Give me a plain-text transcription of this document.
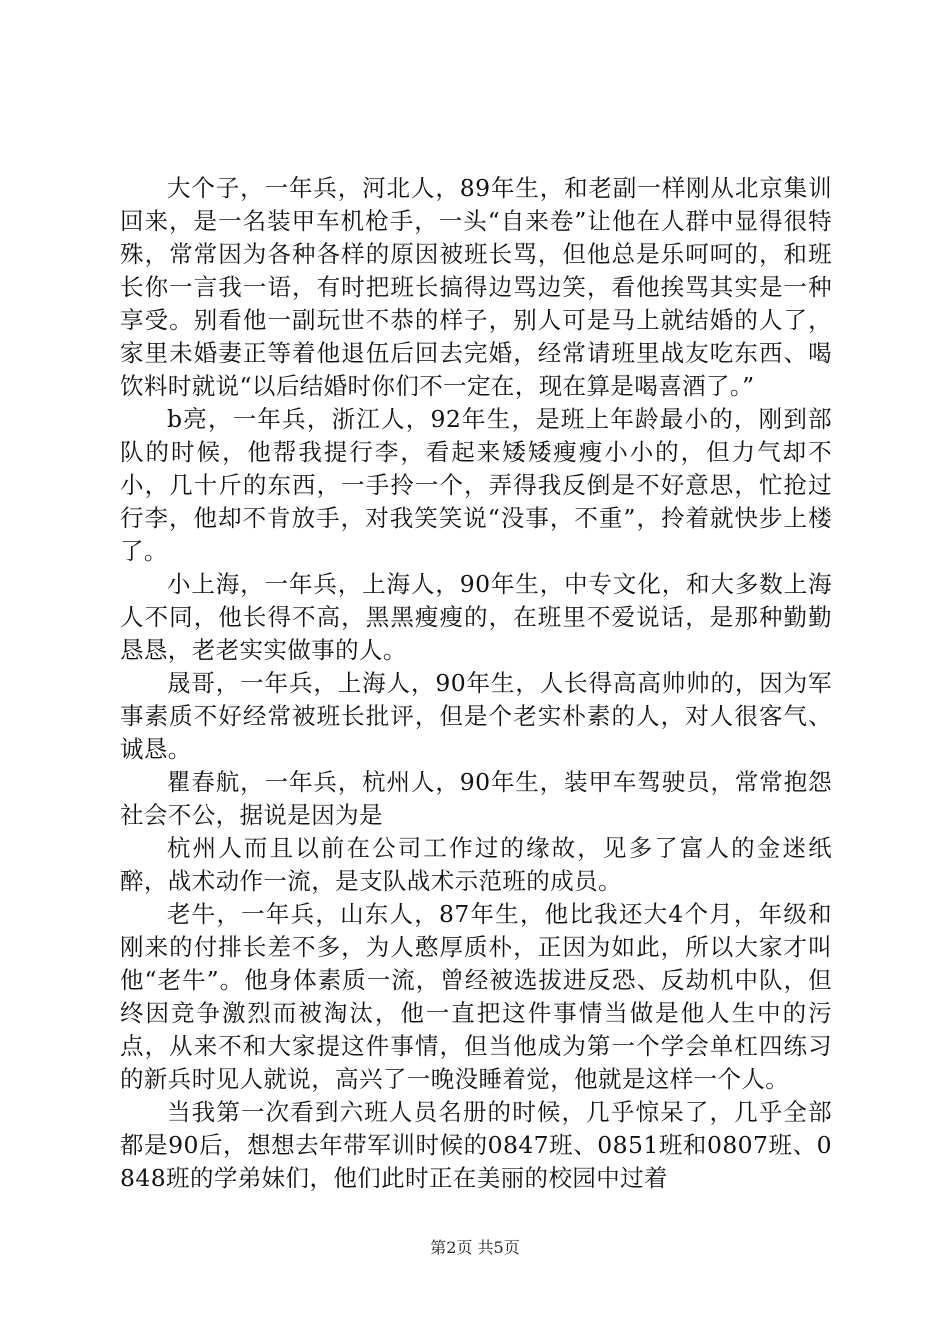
大个子，一年兵，河北人，89年生，和老副一样刚从北京集训回来，是一名装甲车机枪手，一头“自来卷”让他在人群中显得很特殊，常常因为各种各样的原因被班长骂，但他总是乐呵呵的，和班长你一言我一语，有时把班长搞得边骂边笑，看他挨骂其实是一种享受。别看他一副玩世不恭的样子，别人可是马上就结婚的人了，家里未婚妻正等着他退伍后回去完婚，经常请班里战友吃东西、喝饮料时就说“以后结婚时你们不一定在，现在算是喝喜酒了。”

b亮，一年兵，浙江人，92年生，是班上年龄最小的，刚到部队的时候，他帮我提行李，看起来矮矮瘦瘦小小的，但力气却不小，几十斤的东西，一手拎一个，弄得我反倒是不好意思，忙抢过行李，他却不肯放手，对我笑笑说“没事，不重”，拎着就快步上楼了。

小上海，一年兵，上海人，90年生，中专文化，和大多数上海人不同，他长得不高，黑黑瘦瘦的，在班里不爱说话，是那种勤勤恳恳，老老实实做事的人。

晟哥，一年兵，上海人，90年生，人长得高高帅帅的，因为军事素质不好经常被班长批评，但是个老实朴素的人，对人很客气、诚恳。

瞿春航，一年兵，杭州人，90年生，装甲车驾驶员，常常抱怨社会不公，据说是因为是

杭州人而且以前在公司工作过的缘故，见多了富人的金迷纸醉，战术动作一流，是支队战术示范班的成员。

老牛，一年兵，山东人，87年生，他比我还大4个月，年级和刚来的付排长差不多，为人憨厚质朴，正因为如此，所以大家才叫他“老牛”。他身体素质一流，曾经被选拔进反恐、反劫机中队，但终因竞争激烈而被淘汰，他一直把这件事情当做是他人生中的污点，从来不和大家提这件事情，但当他成为第一个学会单杠四练习的新兵时见人就说，高兴了一晚没睡着觉，他就是这样一个人。

当我第一次看到六班人员名册的时候，几乎惊呆了，几乎全部都是90后，想想去年带军训时候的0847班、0851班和0807班、0848班的学弟妹们，他们此时正在美丽的校园中过着

第2页 共5页
